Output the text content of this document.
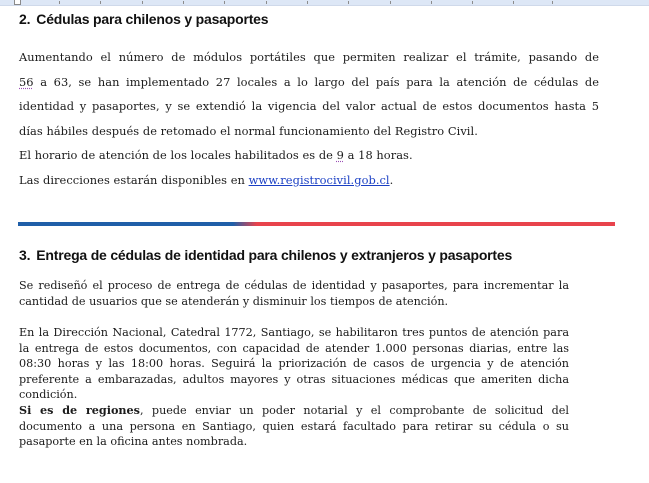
2. Cédulas para chilenos y pasaportes
Aumentando el número de módulos portátiles que permiten realizar el trámite, pasando de
56 a 63, se han implementado 27 locales a lo largo del país para la atención de cédulas de
identidad y pasaportes, y se extendió la vigencia del valor actual de estos documentos hasta 5
días hábiles después de retomado el normal funcionamiento del Registro Civil.
El horario de atención de los locales habilitados es de 9 a 18 horas.
Las direcciones estarán disponibles en www.registrocivil.gob.cl.
3. Entrega de cédulas de identidad para chilenos y extranjeros y pasaportes
Se rediseñó el proceso de entrega de cédulas de identidad y pasaportes, para incrementar la
cantidad de usuarios que se atenderán y disminuir los tiempos de atención.
En la Dirección Nacional, Catedral 1772, Santiago, se habilitaron tres puntos de atención para
la entrega de estos documentos, con capacidad de atender 1.000 personas diarias, entre las
08:30 horas y las 18:00 horas. Seguirá la priorización de casos de urgencia y de atención
preferente a embarazadas, adultos mayores y otras situaciones médicas que ameriten dicha
condición.
Si es de regiones, puede enviar un poder notarial y el comprobante de solicitud del
documento a una persona en Santiago, quien estará facultado para retirar su cédula o su
pasaporte en la oficina antes nombrada.
